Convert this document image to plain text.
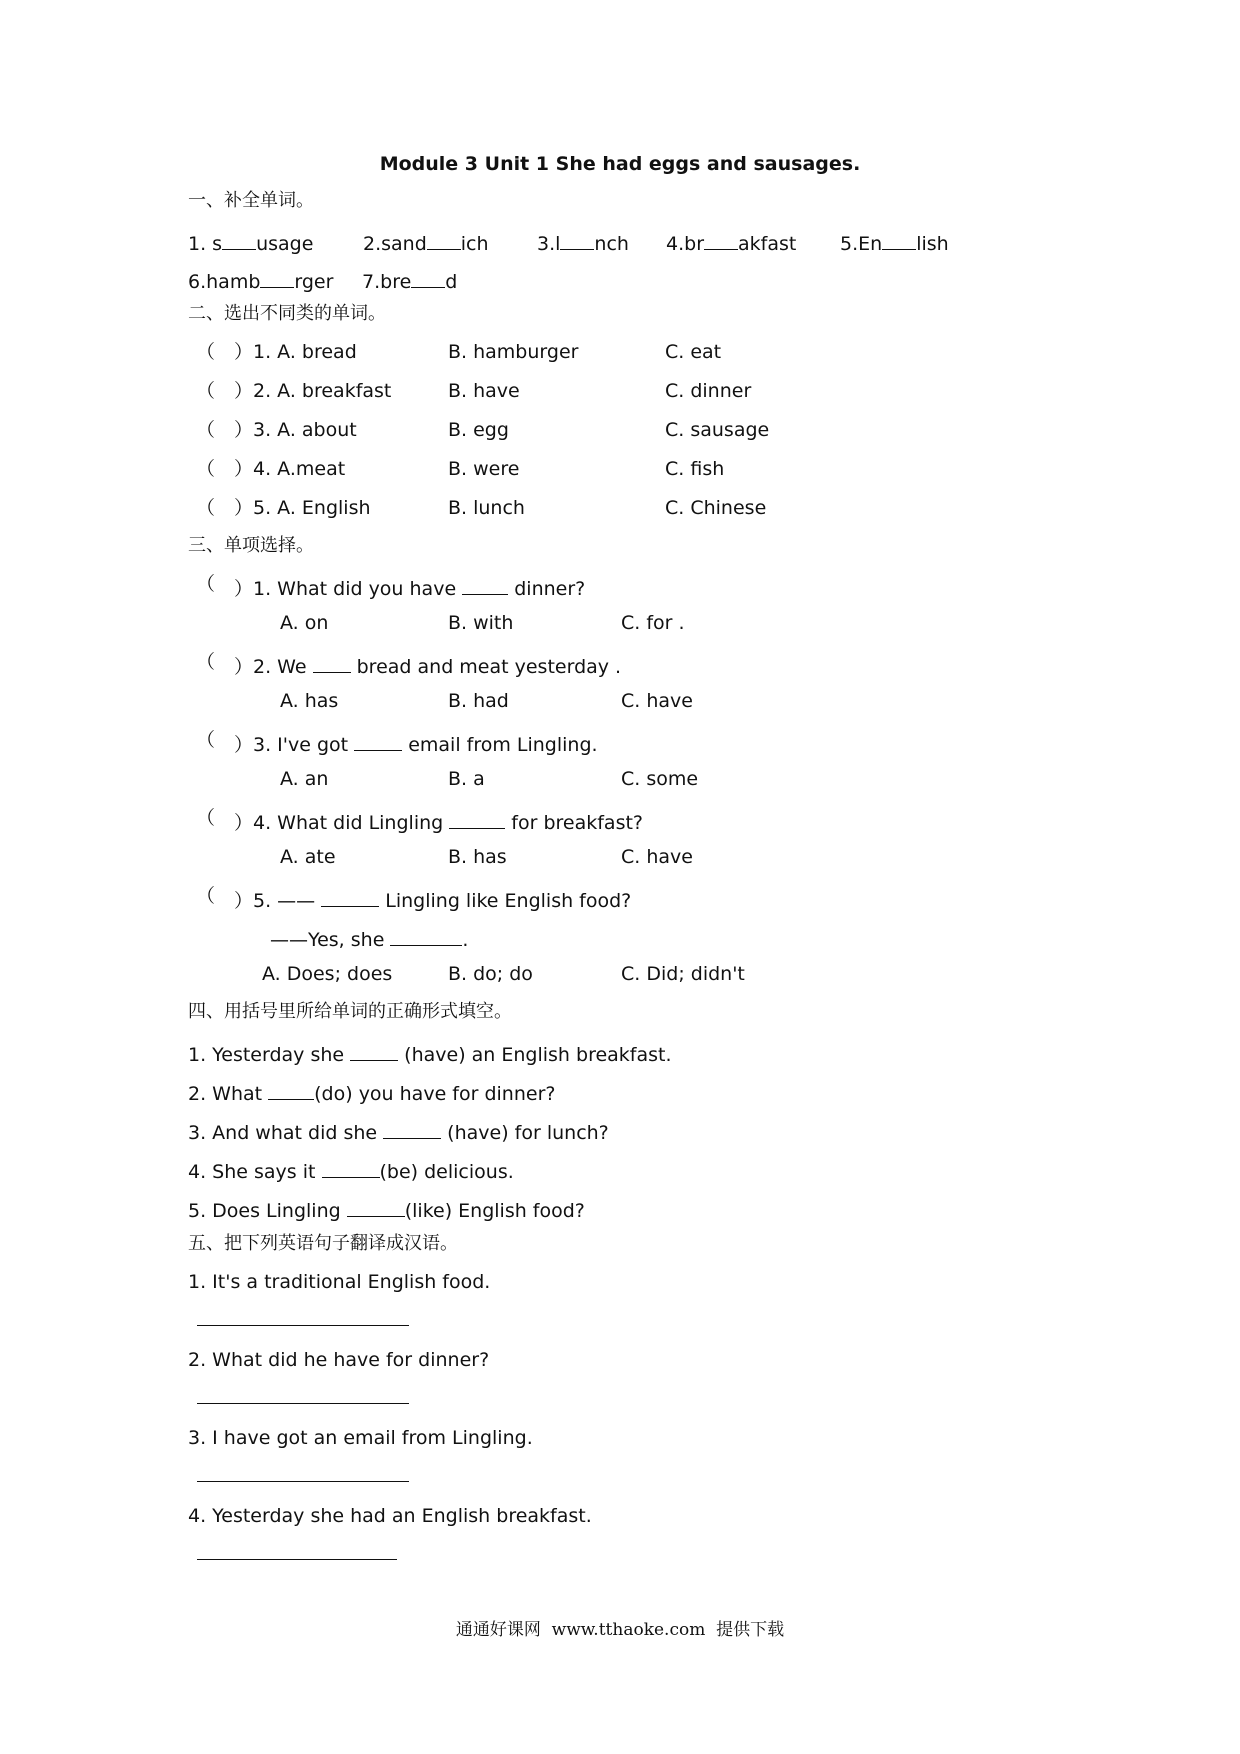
Module 3 Unit 1 She had eggs and sausages.
一、补全单词。
1. s usage	2.sand ich	3.l nch 4.br akfast 5.En lish
6.hamb rger 7.bre d
二、选出不同类的单词。
（ ）1. A. bread	B. hamburger	C. eat
（ ）2. A. breakfast	B. have	C. dinner
（ ）3. A. about	B. egg	C. sausage
（ ）4. A.meat	B. were	C. fish
（ ）5. A. English	B. lunch	C. Chinese
三、单项选择。
（ ）1. What did you have  dinner?
A. on	B. with	C. for .
（ ）2. We  bread and meat yesterday .
A. has	B. had	C. have
（ ）3. I've got	email from Lingling.
A. an	B. a	C. some
（ ）4. What did Lingling	for breakfast?
A. ate	B. has	C. have
（ ）5. ——	Lingling like English food?
——Yes, she	.
A. Does; does	B. do; do	C. Did; didn't
四、用括号里所给单词的正确形式填空。
1. Yesterday she	(have) an English breakfast.
2. What (do) you have for dinner?
3. And what did she	(have) for lunch?
4. She says it	(be) delicious.
5. Does Lingling	(like) English food?
五、把下列英语句子翻译成汉语。
1. It's a traditional English food.
2. What did he have for dinner?
3. I have got an email from Lingling.
4. Yesterday she had an English breakfast.
通通好课网  www.tthaoke.com  提供下载
